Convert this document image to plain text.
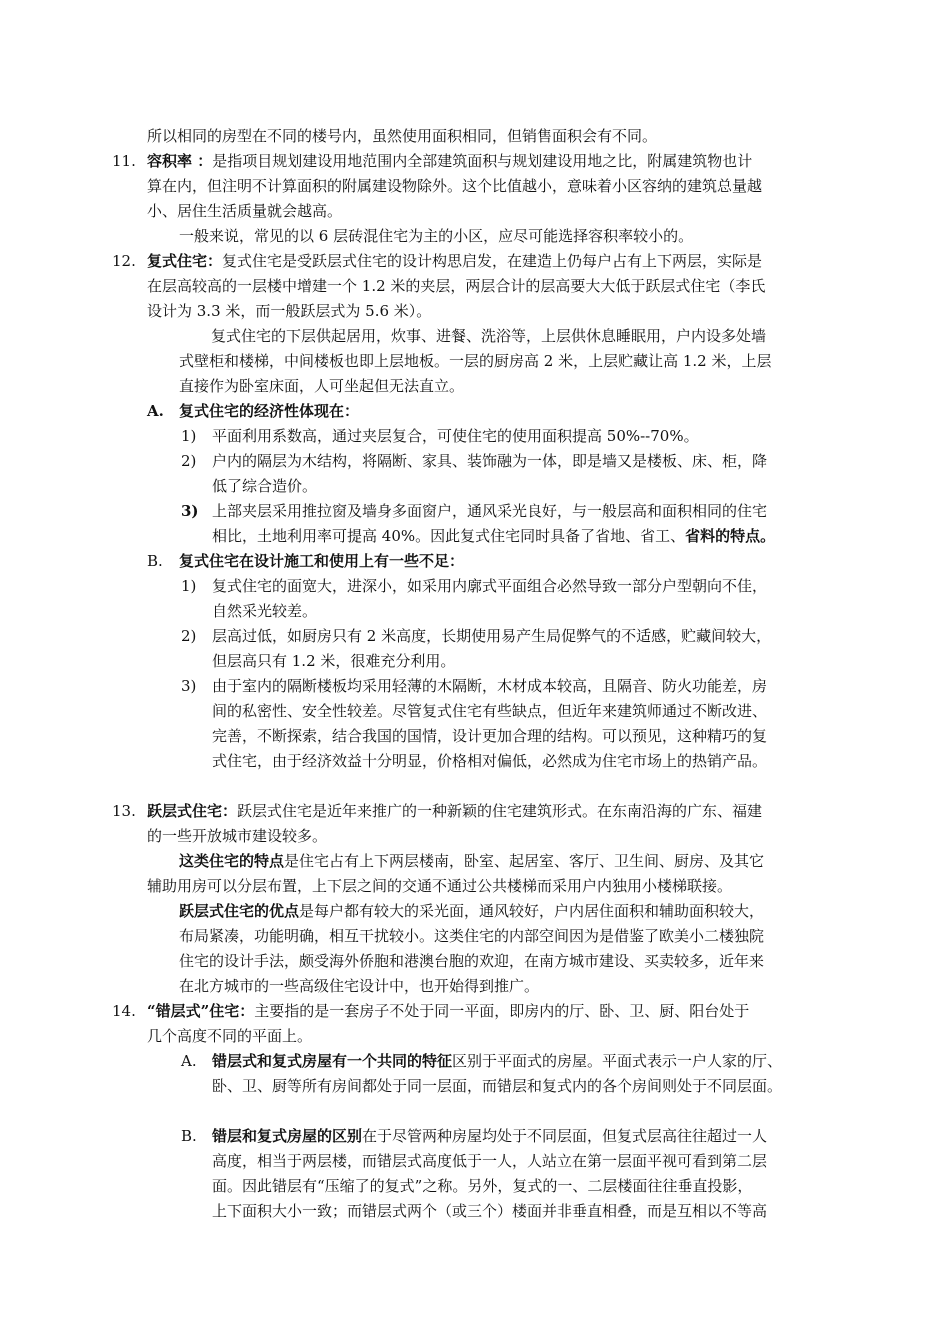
所以相同的房型在不同的楼号内，虽然使用面积相同，但销售面积会有不同。
11. 容积率 ：是指项目规划建设用地范围内全部建筑面积与规划建设用地之比，附属建筑物也计
算在内，但注明不计算面积的附属建设物除外。这个比值越小，意味着小区容纳的建筑总量越
小、居住生活质量就会越高。
一般来说，常见的以 6 层砖混住宅为主的小区，应尽可能选择容积率较小的。
12. 复式住宅：复式住宅是受跃层式住宅的设计构思启发，在建造上仍每户占有上下两层，实际是
在层高较高的一层楼中增建一个 1.2 米的夹层，两层合计的层高要大大低于跃层式住宅（李氏
设计为 3.3 米，而一般跃层式为 5.6 米）。
复式住宅的下层供起居用，炊事、进餐、洗浴等，上层供休息睡眠用，户内设多处墙
式壁柜和楼梯，中间楼板也即上层地板。一层的厨房高 2 米，上层贮藏让高 1.2 米，上层
直接作为卧室床面，人可坐起但无法直立。
A. 复式住宅的经济性体现在：
1) 平面利用系数高，通过夹层复合，可使住宅的使用面积提高 50%--70%。
2) 户内的隔层为木结构，将隔断、家具、装饰融为一体，即是墙又是楼板、床、柜，降
低了综合造价。
3) 上部夹层采用推拉窗及墙身多面窗户，通风采光良好，与一般层高和面积相同的住宅
相比，土地利用率可提高 40%。因此复式住宅同时具备了省地、省工、省料的特点。
B. 复式住宅在设计施工和使用上有一些不足：
1) 复式住宅的面宽大，进深小，如采用内廓式平面组合必然导致一部分户型朝向不佳，
自然采光较差。
2) 层高过低，如厨房只有 2 米高度，长期使用易产生局促弊气的不适感，贮藏间较大，
但层高只有 1.2 米，很难充分利用。
3) 由于室内的隔断楼板均采用轻薄的木隔断，木材成本较高，且隔音、防火功能差，房
间的私密性、安全性较差。尽管复式住宅有些缺点，但近年来建筑师通过不断改进、
完善，不断探索，结合我国的国情，设计更加合理的结构。可以预见，这种精巧的复
式住宅，由于经济效益十分明显，价格相对偏低，必然成为住宅市场上的热销产品。
13. 跃层式住宅：跃层式住宅是近年来推广的一种新颖的住宅建筑形式。在东南沿海的广东、福建
的一些开放城市建设较多。
这类住宅的特点是住宅占有上下两层楼南，卧室、起居室、客厅、卫生间、厨房、及其它
辅助用房可以分层布置，上下层之间的交通不通过公共楼梯而采用户内独用小楼梯联接。
跃层式住宅的优点是每户都有较大的采光面，通风较好，户内居住面积和辅助面积较大，
布局紧凑，功能明确，相互干扰较小。这类住宅的内部空间因为是借鉴了欧美小二楼独院
住宅的设计手法，颇受海外侨胞和港澳台胞的欢迎，在南方城市建设、买卖较多，近年来
在北方城市的一些高级住宅设计中，也开始得到推广。
14. “错层式”住宅：主要指的是一套房子不处于同一平面，即房内的厅、卧、卫、厨、阳台处于
几个高度不同的平面上。
A. 错层式和复式房屋有一个共同的特征区别于平面式的房屋。平面式表示一户人家的厅、
卧、卫、厨等所有房间都处于同一层面，而错层和复式内的各个房间则处于不同层面。
B. 错层和复式房屋的区别在于尽管两种房屋均处于不同层面，但复式层高往往超过一人
高度，相当于两层楼，而错层式高度低于一人，人站立在第一层面平视可看到第二层
面。因此错层有“压缩了的复式”之称。另外，复式的一、二层楼面往往垂直投影，
上下面积大小一致；而错层式两个（或三个）楼面并非垂直相叠，而是互相以不等高
